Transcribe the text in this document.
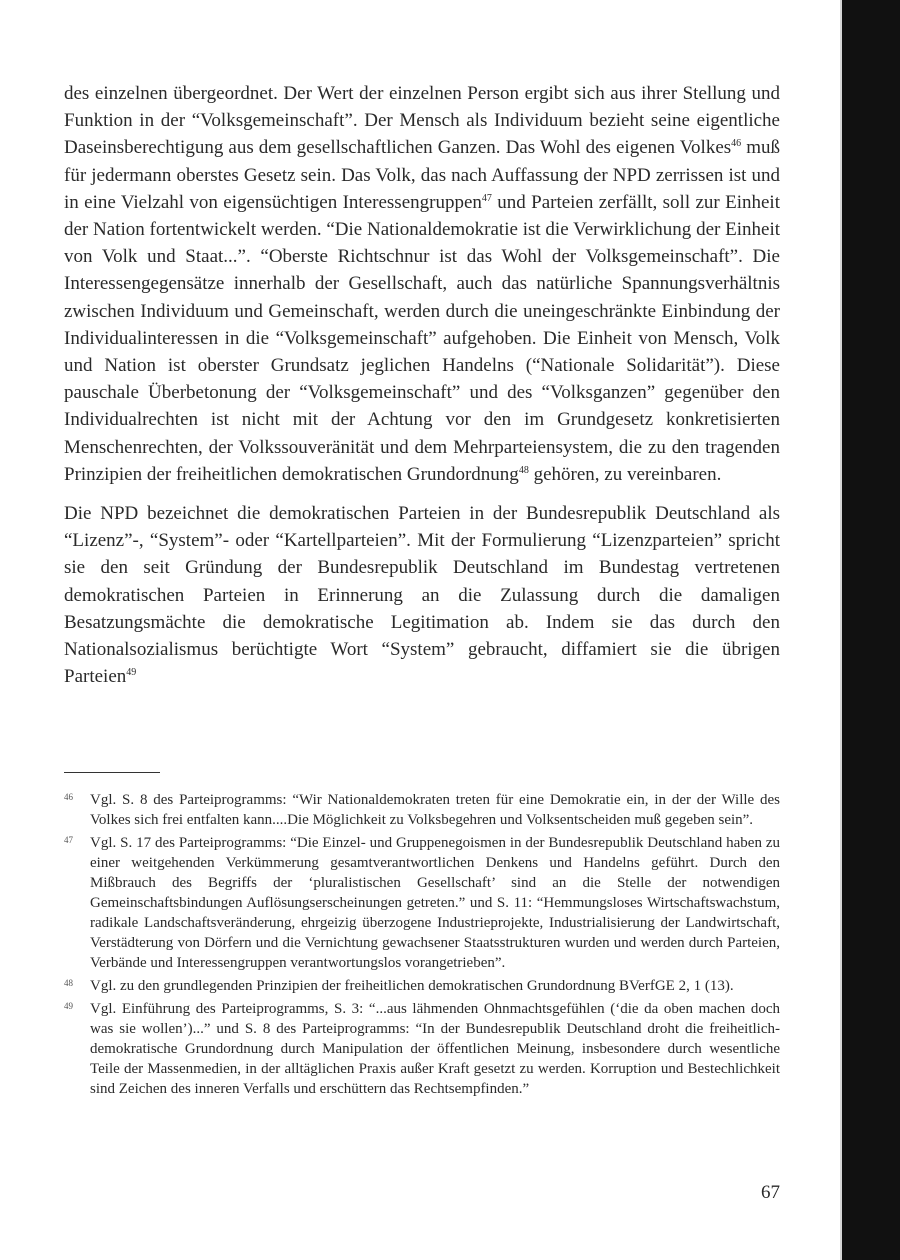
des einzelnen übergeordnet. Der Wert der einzelnen Person ergibt sich aus ihrer Stellung und Funktion in der “Volksgemeinschaft”. Der Mensch als Individuum bezieht seine eigentliche Daseinsberechtigung aus dem gesellschaftlichen Ganzen. Das Wohl des eigenen Volkes$^{46}$ muß für jedermann oberstes Gesetz sein. Das Volk, das nach Auffassung der NPD zerrissen ist und in eine Vielzahl von eigensüchtigen Interessengruppen$^{47}$ und Parteien zerfällt, soll zur Einheit der Nation fortentwickelt werden. “Die Nationaldemokratie ist die Verwirklichung der Einheit von Volk und Staat...”. “Oberste Richtschnur ist das Wohl der Volksgemeinschaft”. Die Interessengegensätze innerhalb der Gesellschaft, auch das natürliche Spannungsverhältnis zwischen Individuum und Gemeinschaft, werden durch die uneingeschränkte Einbindung der Individualinteressen in die “Volksgemeinschaft” aufgehoben. Die Einheit von Mensch, Volk und Nation ist oberster Grundsatz jeglichen Handelns (“Nationale Solidarität”). Diese pauschale Überbetonung der “Volksgemeinschaft” und des “Volksganzen” gegenüber den Individualrechten ist nicht mit der Achtung vor den im Grundgesetz konkretisierten Menschenrechten, der Volkssouveränität und dem Mehrparteiensystem, die zu den tragenden Prinzipien der freiheitlichen demokratischen Grundordnung$^{48}$ gehören, zu vereinbaren.

Die NPD bezeichnet die demokratischen Parteien in der Bundesrepublik Deutschland als “Lizenz”-, “System”- oder “Kartellparteien”. Mit der Formulierung “Lizenzparteien” spricht sie den seit Gründung der Bundesrepublik Deutschland im Bundestag vertretenen demokratischen Parteien in Erinnerung an die Zulassung durch die damaligen Besatzungsmächte die demokratische Legitimation ab. Indem sie das durch den Nationalsozialismus berüchtigte Wort “System” gebraucht, diffamiert sie die übrigen Parteien$^{49}$

46	Vgl. S. 8 des Parteiprogramms: “Wir Nationaldemokraten treten für eine Demokratie ein, in der der Wille des Volkes sich frei entfalten kann....Die Möglichkeit zu Volksbegehren und Volksentscheiden muß gegeben sein”.
47	Vgl. S. 17 des Parteiprogramms: “Die Einzel- und Gruppenegoismen in der Bundesrepublik Deutschland haben zu einer weitgehenden Verkümmerung gesamtverantwortlichen Denkens und Handelns geführt. Durch den Mißbrauch des Begriffs der ‘pluralistischen Gesellschaft’ sind an die Stelle der notwendigen Gemeinschaftsbindungen Auflösungserscheinungen getreten.” und S. 11: “Hemmungsloses Wirtschaftswachstum, radikale Landschaftsveränderung, ehrgeizig überzogene Industrieprojekte, Industrialisierung der Landwirtschaft, Verstädterung von Dörfern und die Vernichtung gewachsener Staatsstrukturen wurden und werden durch Parteien, Verbände und Interessengruppen verantwortungslos vorangetrieben”.
48	Vgl. zu den grundlegenden Prinzipien der freiheitlichen demokratischen Grundordnung BVerfGE 2, 1 (13).
49	Vgl. Einführung des Parteiprogramms, S. 3: “...aus lähmenden Ohnmachtsgefühlen (‘die da oben machen doch was sie wollen’)...” und S. 8 des Parteiprogramms: “In der Bundesrepublik Deutschland droht die freiheitlich-demokratische Grundordnung durch Manipulation der öffentlichen Meinung, insbesondere durch wesentliche Teile der Massenmedien, in der alltäglichen Praxis außer Kraft gesetzt zu werden. Korruption und Bestechlichkeit sind Zeichen des inneren Verfalls und erschüttern das Rechtsempfinden.”
67
